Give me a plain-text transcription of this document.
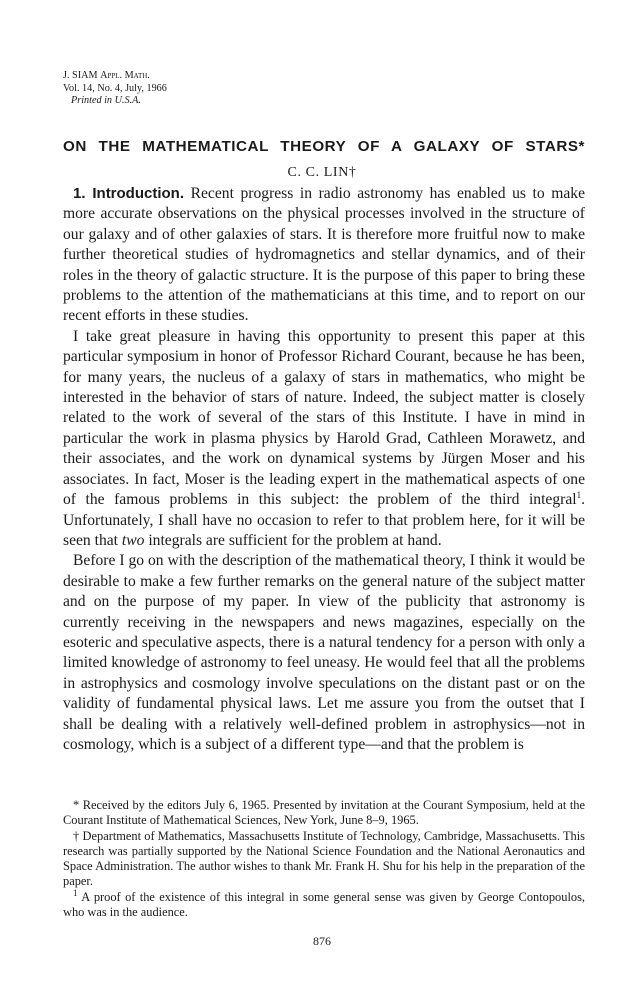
J. SIAM Appl. Math.
Vol. 14, No. 4, July, 1966
Printed in U.S.A.
ON THE MATHEMATICAL THEORY OF A GALAXY OF STARS*
C. C. LIN†

1. Introduction. Recent progress in radio astronomy has enabled us to make more accurate observations on the physical processes involved in the structure of our galaxy and of other galaxies of stars. It is therefore more fruitful now to make further theoretical studies of hydromagnetics and stellar dynamics, and of their roles in the theory of galactic structure. It is the purpose of this paper to bring these problems to the attention of the mathematicians at this time, and to report on our recent efforts in these studies.

I take great pleasure in having this opportunity to present this paper at this particular symposium in honor of Professor Richard Courant, because he has been, for many years, the nucleus of a galaxy of stars in mathematics, who might be interested in the behavior of stars of nature. Indeed, the subject matter is closely related to the work of several of the stars of this Institute. I have in mind in particular the work in plasma physics by Harold Grad, Cathleen Morawetz, and their associates, and the work on dynamical systems by Jürgen Moser and his associates. In fact, Moser is the leading expert in the mathematical aspects of one of the famous problems in this subject: the problem of the third integral$^1$. Unfortunately, I shall have no occasion to refer to that problem here, for it will be seen that two integrals are sufficient for the problem at hand.

Before I go on with the description of the mathematical theory, I think it would be desirable to make a few further remarks on the general nature of the subject matter and on the purpose of my paper. In view of the publicity that astronomy is currently receiving in the newspapers and news magazines, especially on the esoteric and speculative aspects, there is a natural tendency for a person with only a limited knowledge of astronomy to feel uneasy. He would feel that all the problems in astrophysics and cosmology involve speculations on the distant past or on the validity of fundamental physical laws. Let me assure you from the outset that I shall be dealing with a relatively well-defined problem in astrophysics—not in cosmology, which is a subject of a different type—and that the problem is

* Received by the editors July 6, 1965. Presented by invitation at the Courant Symposium, held at the Courant Institute of Mathematical Sciences, New York, June 8–9, 1965.

† Department of Mathematics, Massachusetts Institute of Technology, Cambridge, Massachusetts. This research was partially supported by the National Science Foundation and the National Aeronautics and Space Administration. The author wishes to thank Mr. Frank H. Shu for his help in the preparation of the paper.

$^1$ A proof of the existence of this integral in some general sense was given by George Contopoulos, who was in the audience.

876
